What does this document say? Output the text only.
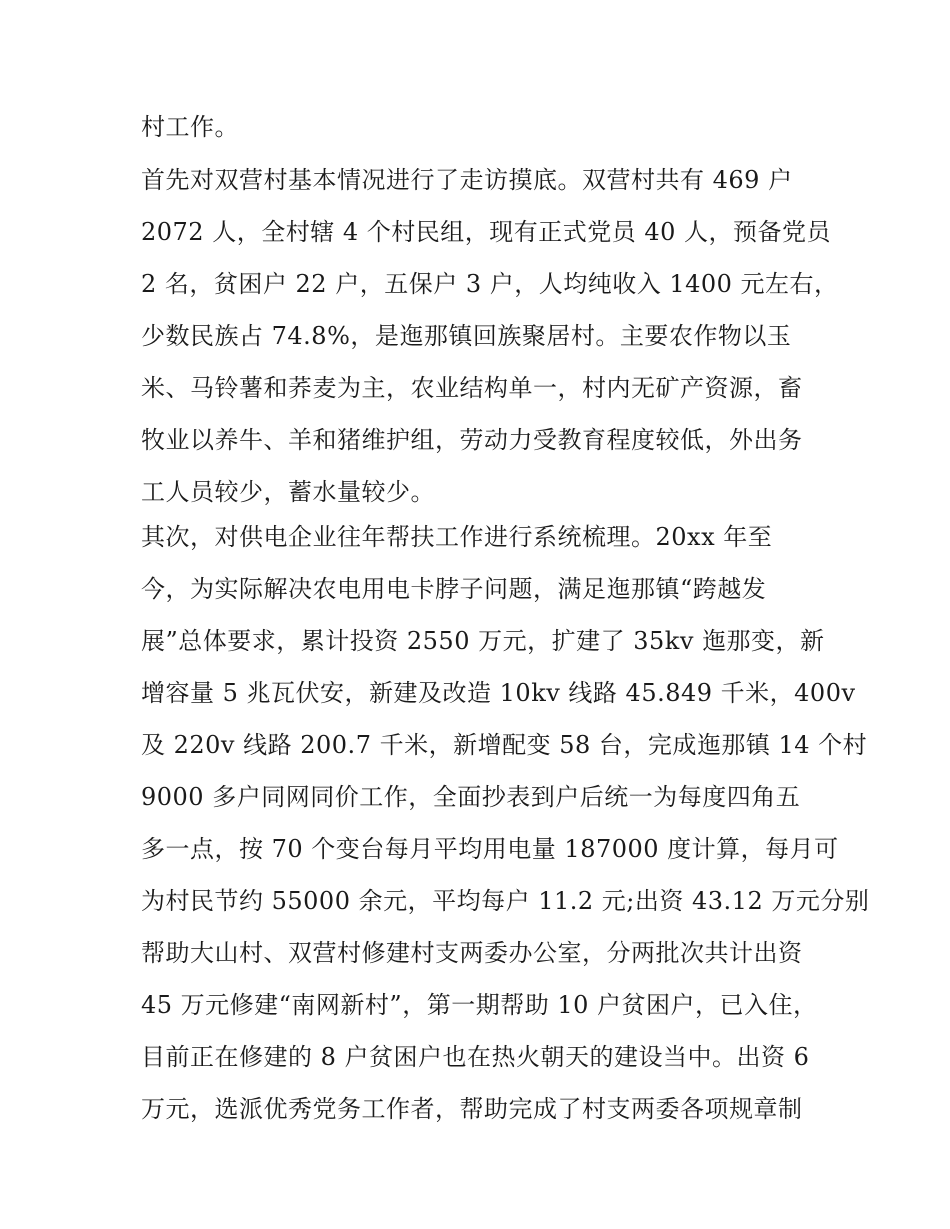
村工作。
首先对双营村基本情况进行了走访摸底。双营村共有 469 户
2072 人，全村辖 4 个村民组，现有正式党员 40 人，预备党员
2 名，贫困户 22 户，五保户 3 户，人均纯收入 1400 元左右，
少数民族占 74.8%，是迤那镇回族聚居村。主要农作物以玉
米、马铃薯和荞麦为主，农业结构单一，村内无矿产资源，畜
牧业以养牛、羊和猪维护组，劳动力受教育程度较低，外出务
工人员较少，蓄水量较少。
其次，对供电企业往年帮扶工作进行系统梳理。20xx 年至
今，为实际解决农电用电卡脖子问题，满足迤那镇“跨越发
展”总体要求，累计投资 2550 万元，扩建了 35kv 迤那变，新
增容量 5 兆瓦伏安，新建及改造 10kv 线路 45.849 千米，400v
及 220v 线路 200.7 千米，新增配变 58 台，完成迤那镇 14 个村
9000 多户同网同价工作，全面抄表到户后统一为每度四角五
多一点，按 70 个变台每月平均用电量 187000 度计算，每月可
为村民节约 55000 余元，平均每户 11.2 元;出资 43.12 万元分别
帮助大山村、双营村修建村支两委办公室，分两批次共计出资
45 万元修建“南网新村”，第一期帮助 10 户贫困户，已入住，
目前正在修建的 8 户贫困户也在热火朝天的建设当中。出资 6
万元，选派优秀党务工作者，帮助完成了村支两委各项规章制
